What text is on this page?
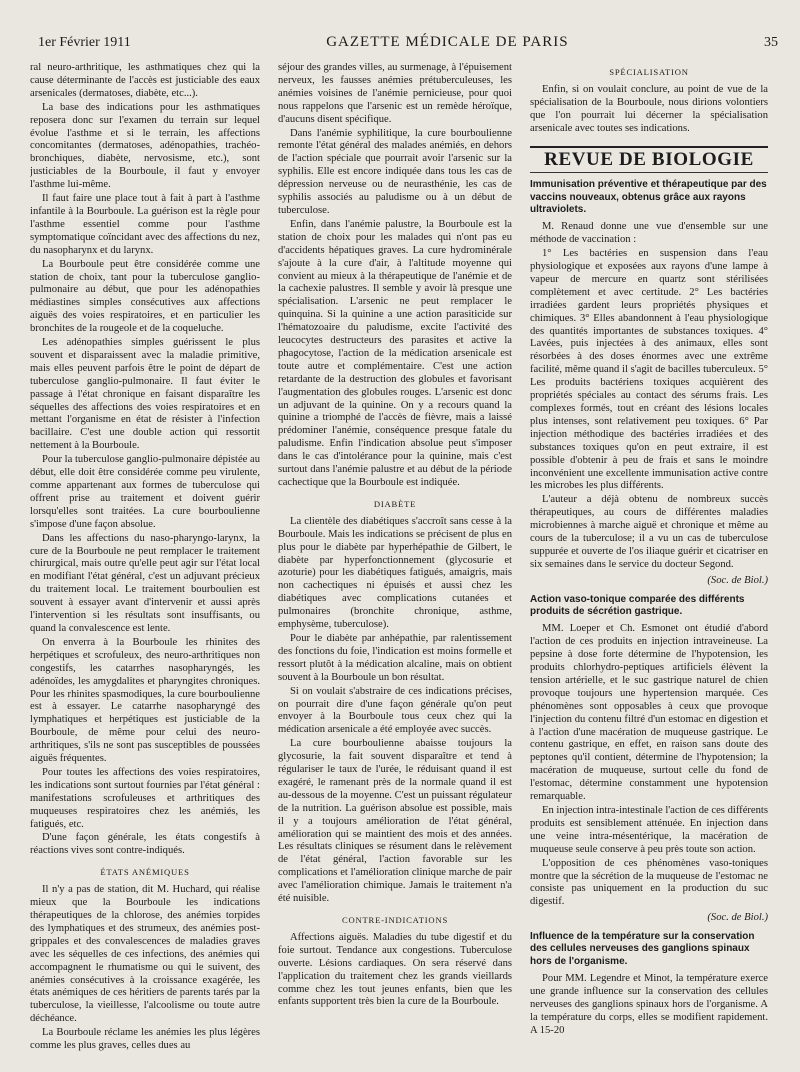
1er Février 1911	GAZETTE MÉDICALE DE PARIS	35

ral neuro-arthritique, les asthmatiques chez qui la cause déterminante de l'accès est justiciable des eaux arsenicales (dermatoses, diabète, etc...).

La base des indications pour les asthmatiques reposera donc sur l'examen du terrain sur lequel évolue l'asthme et si le terrain, les affections concomitantes (dermatoses, adénopathies, trachéo-bronchiques, diabète, nervosisme, etc.), sont justiciables de la Bourboule, il faut y envoyer l'asthme lui-même.

Il faut faire une place tout à fait à part à l'asthme infantile à la Bourboule. La guérison est la règle pour l'asthme essentiel comme pour l'asthme symptomatique coïncidant avec des affections du nez, du nasopharynx et du larynx.

La Bourboule peut être considérée comme une station de choix, tant pour la tuberculose ganglio-pulmonaire au début, que pour les adénopathies médiastines simples consécutives aux affections aiguës des voies respiratoires, et en particulier les bronchites de la rougeole et de la coqueluche.

Les adénopathies simples guérissent le plus souvent et disparaissent avec la maladie primitive, mais elles peuvent parfois être le point de départ de tuberculose ganglio-pulmonaire. Il faut éviter le passage à l'état chronique en faisant disparaître les séquelles des affections des voies respiratoires et en mettant l'organisme en état de résister à l'infection bacillaire. C'est une double action qui ressortit nettement à la Bourboule.

Pour la tuberculose ganglio-pulmonaire dépistée au début, elle doit être considérée comme peu virulente, comme appartenant aux formes de tuberculose qui offrent prise au traitement et doivent guérir lorsqu'elles sont traitées. La cure bourboulienne s'impose d'une façon absolue.

Dans les affections du naso-pharyngo-larynx, la cure de la Bourboule ne peut remplacer le traitement chirurgical, mais outre qu'elle peut agir sur l'état local en modifiant l'état général, c'est un adjuvant précieux du traitement local. Le traitement bourboulien est souvent à essayer avant d'intervenir et aussi après l'intervention si les résultats sont insuffisants, ou quand la convalescence est lente.

On enverra à la Bourboule les rhinites des herpétiques et scrofuleux, des neuro-arthritiques non congestifs, les catarrhes nasopharyngés, les adénoïdes, les amygdalites et pharyngites chroniques. Pour les rhinites spasmodiques, la cure bourboulienne est à essayer. Le catarrhe nasopharyngé des lymphatiques et herpétiques est justiciable de la Bourboule, de même pour celui des neuro-arthritiques, s'ils ne sont pas susceptibles de poussées aiguës fréquentes.

Pour toutes les affections des voies respiratoires, les indications sont surtout fournies par l'état général : manifestations scrofuleuses et arthritiques des muqueuses respiratoires chez les anémiés, les fatigués, etc.

D'une façon générale, les états congestifs à réactions vives sont contre-indiqués.

ÉTATS ANÉMIQUES

Il n'y a pas de station, dit M. Huchard, qui réalise mieux que la Bourboule les indications thérapeutiques de la chlorose, des anémies torpides des lymphatiques et des strumeux, des anémies post-grippales et des convalescences de maladies graves avec les séquelles de ces infections, des anémies qui accompagnent le rhumatisme ou qui le suivent, des anémies consécutives à la croissance exagérée, les états anémiques de ces héritiers de parents tarés par la tuberculose, la vieillesse, l'alcoolisme ou toute autre déchéance.

La Bourboule réclame les anémies les plus légères comme les plus graves, celles dues au

séjour des grandes villes, au surmenage, à l'épuisement nerveux, les fausses anémies prétuberculeuses, les anémies voisines de l'anémie pernicieuse, pour quoi nous rappelons que l'arsenic est un remède héroïque, d'aucuns disent spécifique.

Dans l'anémie syphilitique, la cure bourboulienne remonte l'état général des malades anémiés, en dehors de l'action spéciale que pourrait avoir l'arsenic sur la syphilis. Elle est encore indiquée dans tous les cas de dépression nerveuse ou de neurasthénie, les cas de syphilis associés au paludisme ou à un début de tuberculose.

Enfin, dans l'anémie palustre, la Bourboule est la station de choix pour les malades qui n'ont pas eu d'accidents hépatiques graves. La cure hydrominérale s'ajoute à la cure d'air, à l'altitude moyenne qui convient au mieux à la thérapeutique de l'anémie et de la cachexie palustres. Il semble y avoir là presque une spécialisation. L'arsenic ne peut remplacer le quinquina. Si la quinine a une action parasiticide sur l'hématozoaire du paludisme, excite l'activité des leucocytes destructeurs des parasites et active la phagocytose, l'action de la médication arsenicale est toute autre et complémentaire. C'est une action retardante de la destruction des globules et favorisant l'augmentation des globules rouges. L'arsenic est donc un adjuvant de la quinine. On y a recours quand la quinine a triomphé de l'accès de fièvre, mais a laissé prédominer l'anémie, conséquence presque fatale du paludisme. Enfin l'indication absolue peut s'imposer dans le cas d'intolérance pour la quinine, mais c'est surtout dans l'anémie palustre et au début de la période cachectique que la Bourboule est indiquée.

DIABÈTE

La clientèle des diabétiques s'accroît sans cesse à la Bourboule. Mais les indications se précisent de plus en plus pour le diabète par hyperhépathie de Gilbert, le diabète par hyperfonctionnement (glycosurie et azoturie) pour les diabétiques fatigués, amaigris, mais non cachectiques ni épuisés et aussi chez les diabétiques avec complications cutanées et pulmonaires (bronchite chronique, asthme, emphysème, tuberculose).

Pour le diabète par anhépathie, par ralentissement des fonctions du foie, l'indication est moins formelle et ressort plutôt à la médication alcaline, mais on obtient souvent à la Bourboule un bon résultat.

Si on voulait s'abstraire de ces indications précises, on pourrait dire d'une façon générale qu'on peut envoyer à la Bourboule tous ceux chez qui la médication arsenicale a été employée avec succès.

La cure bourboulienne abaisse toujours la glycosurie, la fait souvent disparaître et tend à régulariser le taux de l'urée, le réduisant quand il est exagéré, le ramenant près de la normale quand il est au-dessous de la moyenne. C'est un puissant régulateur de la nutrition. La guérison absolue est possible, mais il y a toujours amélioration de l'état général, amélioration qui se maintient des mois et des années. Les résultats cliniques se résument dans le relèvement de l'état général, l'action favorable sur les complications et l'amélioration clinique marche de pair avec l'amélioration chimique. Jamais le traitement n'a été nuisible.

CONTRE-INDICATIONS

Affections aiguës. Maladies du tube digestif et du foie surtout. Tendance aux congestions. Tuberculose ouverte. Lésions cardiaques. On sera réservé dans l'application du traitement chez les grands vieillards comme chez les tout jeunes enfants, bien que les enfants supportent très bien la cure de la Bourboule.

SPÉCIALISATION

Enfin, si on voulait conclure, au point de vue de la spécialisation de la Bourboule, nous dirions volontiers que l'on pourrait lui décerner la spécialisation arsenicale avec toutes ses indications.

REVUE DE BIOLOGIE
Immunisation préventive et thérapeutique par des vaccins nouveaux, obtenus grâce aux rayons ultraviolets.

M. Renaud donne une vue d'ensemble sur une méthode de vaccination :

1° Les bactéries en suspension dans l'eau physiologique et exposées aux rayons d'une lampe à vapeur de mercure en quartz sont stérilisées complètement et avec certitude. 2° Les bactéries irradiées gardent leurs propriétés physiques et chimiques. 3° Elles abandonnent à l'eau physiologique des quantités importantes de substances toxiques. 4° Lavées, puis injectées à des animaux, elles sont résorbées à des doses énormes avec une extrême facilité, même quand il s'agit de bacilles tuberculeux. 5° Les produits bactériens toxiques acquièrent des propriétés spéciales au contact des sérums frais. Les complexes formés, tout en créant des lésions locales plus intenses, sont relativement peu toxiques. 6° Par injection méthodique des bactéries irradiées et des substances toxiques qu'on en peut extraire, il est possible d'obtenir à peu de frais et sans le moindre inconvénient une excellente immunisation active contre les microbes les plus différents.

L'auteur a déjà obtenu de nombreux succès thérapeutiques, au cours de différentes maladies microbiennes à marche aiguë et chronique et même au cours de la tuberculose; il a vu un cas de tuberculose suppurée et ouverte de l'os iliaque guérir et cicatriser en six semaines dans le service du docteur Segond.

(Soc. de Biol.)
Action vaso-tonique comparée des différents produits de sécrétion gastrique.

MM. Loeper et Ch. Esmonet ont étudié d'abord l'action de ces produits en injection intraveineuse. La pepsine à dose forte détermine de l'hypotension, les produits chlorhydro-peptiques artificiels élèvent la tension artérielle, et le suc gastrique naturel de chien provoque toujours une hypertension marquée. Ces phénomènes sont opposables à ceux que provoque l'injection du contenu filtré d'un estomac en digestion et à l'action d'une macération de muqueuse gastrique. Le contenu gastrique, en effet, en raison sans doute des peptones qu'il contient, détermine de l'hypotension; la macération de muqueuse, surtout celle du fond de l'estomac, détermine constamment une hypotension remarquable.

En injection intra-intestinale l'action de ces différents produits est sensiblement atténuée. En injection dans une veine intra-mésentérique, la macération de muqueuse seule conserve à peu près toute son action.

L'opposition de ces phénomènes vaso-toniques montre que la sécrétion de la muqueuse de l'estomac ne consiste pas uniquement en la production du suc digestif.

(Soc. de Biol.)
Influence de la température sur la conservation des cellules nerveuses des ganglions spinaux hors de l'organisme.

Pour MM. Legendre et Minot, la température exerce une grande influence sur la conservation des cellules nerveuses des ganglions spinaux hors de l'organisme. A la température du corps, elles se modifient rapidement. A 15-20
